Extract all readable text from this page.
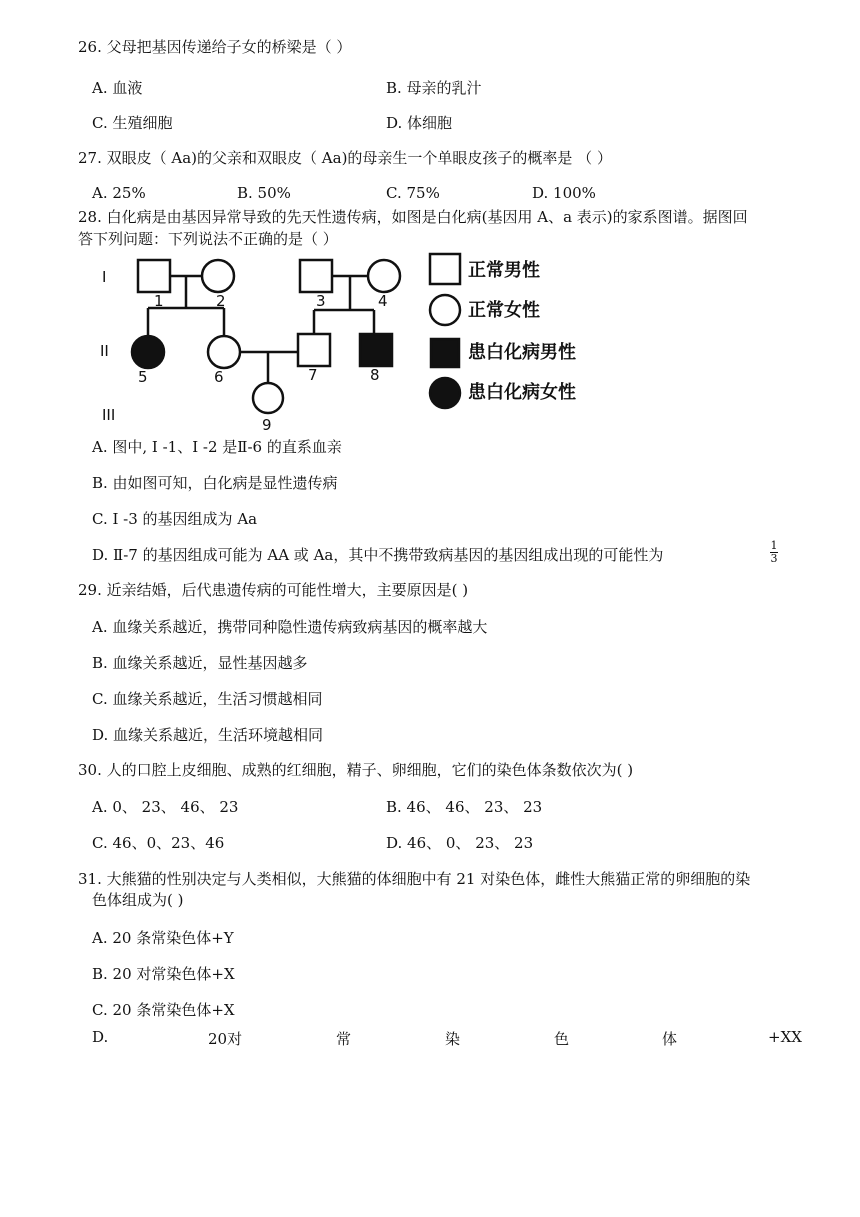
26. 父母把基因传递给子女的桥梁是（ ）
A. 血液	B. 母亲的乳汁
C. 生殖细胞	D. 体细胞
27. 双眼皮（ Aa)的父亲和双眼皮（ Aa)的母亲生一个单眼皮孩子的概率是 （ ）
A. 25%	B. 50%	C. 75%	D. 100%
28. 白化病是由基因异常导致的先天性遗传病，如图是白化病(基因用 A、a 表示)的家系图谱。据图回
答下列问题：下列说法不正确的是（ ）
I
II
III
1	2	3	4
5	6	7	8
9
正常男性
正常女性
患白化病男性
患白化病女性
A. 图中, Ⅰ -1、Ⅰ -2 是Ⅱ-6 的直系血亲
B. 由如图可知，白化病是显性遗传病
C. Ⅰ -3 的基因组成为 Aa
D. Ⅱ-7 的基因组成可能为 AA 或 Aa，其中不携带致病基因的基因组成出现的可能性为
1
3
29. 近亲结婚，后代患遗传病的可能性增大，主要原因是( )
A. 血缘关系越近，携带同种隐性遗传病致病基因的概率越大
B. 血缘关系越近，显性基因越多
C. 血缘关系越近，生活习惯越相同
D. 血缘关系越近，生活环境越相同
30. 人的口腔上皮细胞、成熟的红细胞，精子、卵细胞，它们的染色体条数依次为( )
A. 0、 23、 46、 23	B. 46、 46、 23、 23
C. 46、0、23、46	D. 46、 0、 23、 23
31. 大熊猫的性别决定与人类相似，大熊猫的体细胞中有 21 对染色体，雌性大熊猫正常的卵细胞的染
色体组成为( )
A. 20 条常染色体+Y
B. 20 对常染色体+X
C. 20 条常染色体+X
D.	20对	常	染	色	体	+XX
